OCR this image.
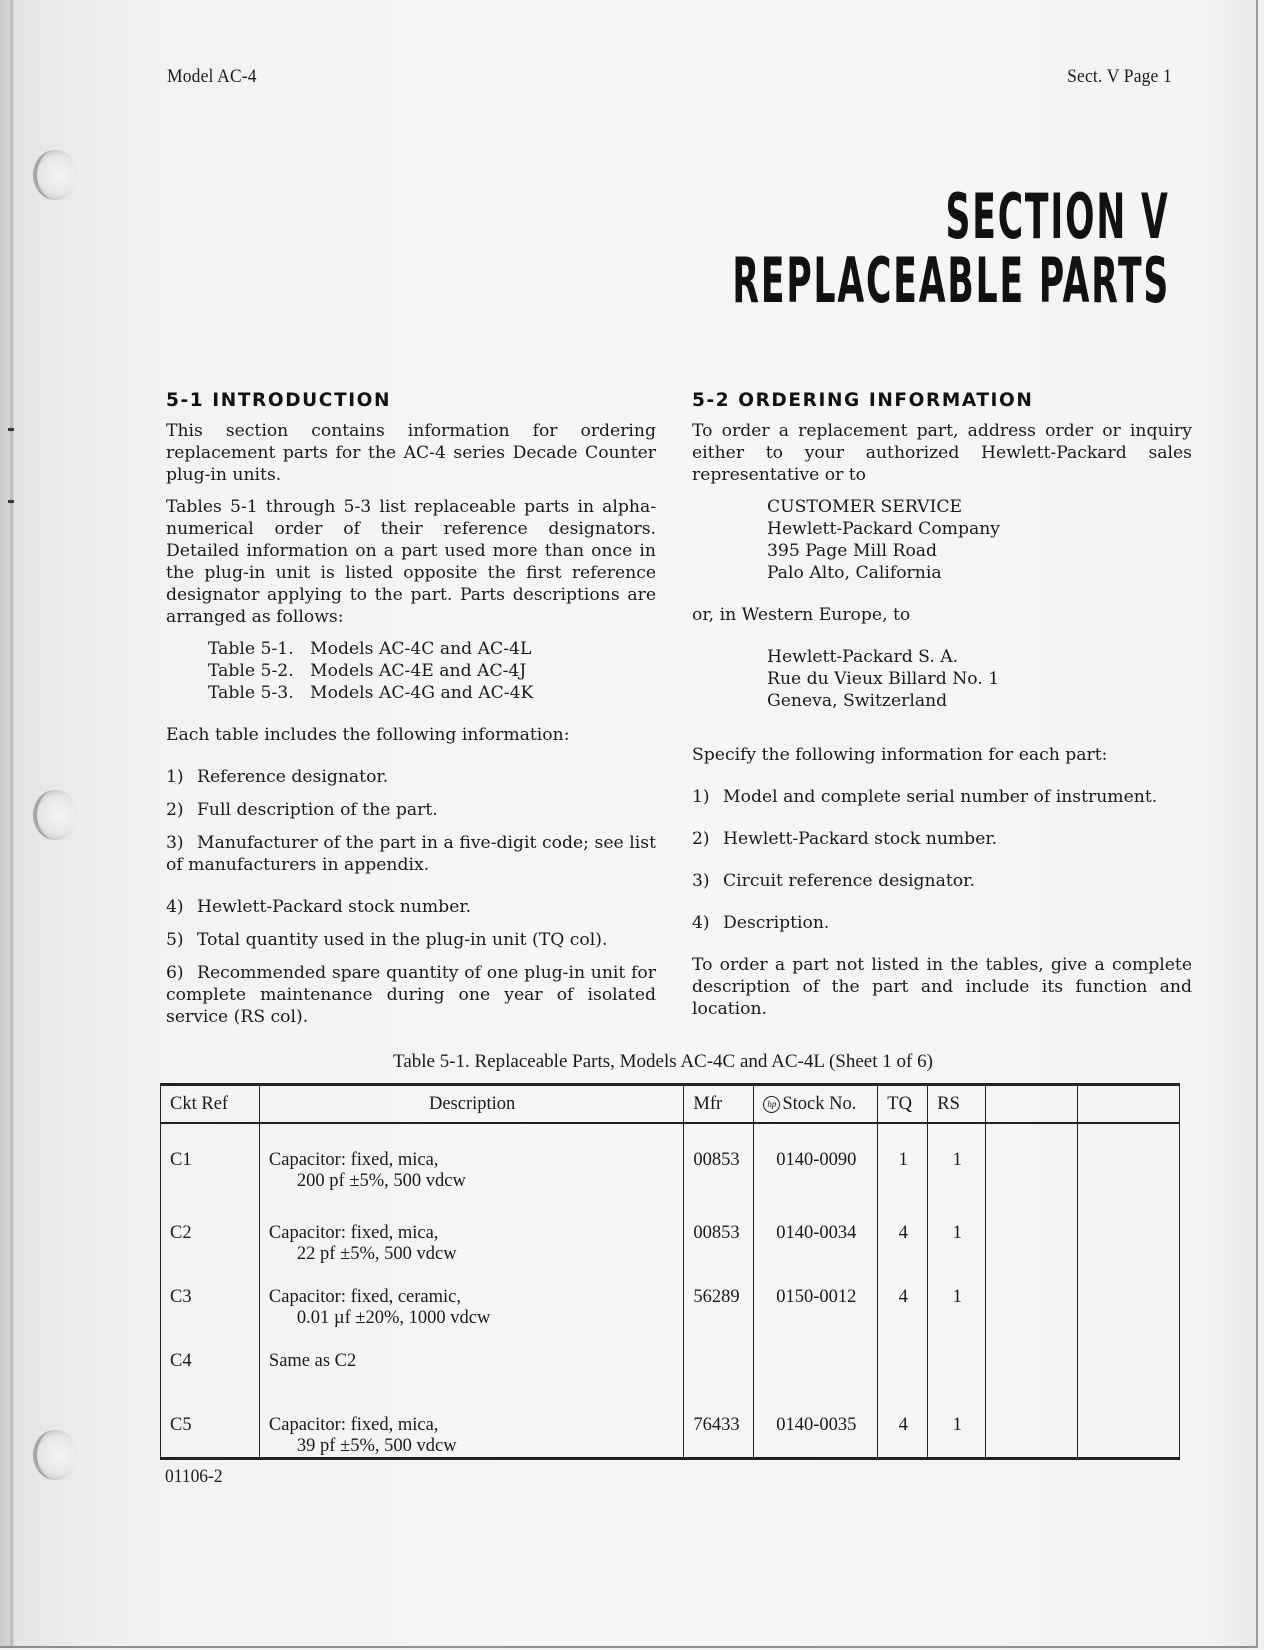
Model AC-4	Sect. V Page 1
SECTION V
REPLACEABLE PARTS
5-1 INTRODUCTION

This section contains information for ordering replacement parts for the AC-4 series Decade Counter plug-in units.

Tables 5-1 through 5-3 list replaceable parts in alpha-numerical order of their reference designators. Detailed information on a part used more than once in the plug-in unit is listed opposite the first reference designator applying to the part. Parts descriptions are arranged as follows:

Table 5-1.   Models AC-4C and AC-4L
Table 5-2.   Models AC-4E and AC-4J
Table 5-3.   Models AC-4G and AC-4K

Each table includes the following information:

1) Reference designator.
2) Full description of the part.
3) Manufacturer of the part in a five-digit code; see list of manufacturers in appendix.
4) Hewlett-Packard stock number.
5) Total quantity used in the plug-in unit (TQ col).
6) Recommended spare quantity of one plug-in unit for complete maintenance during one year of isolated service (RS col).
5-2 ORDERING INFORMATION

To order a replacement part, address order or inquiry either to your authorized Hewlett-Packard sales representative or to

CUSTOMER SERVICE
Hewlett-Packard Company
395 Page Mill Road
Palo Alto, California

or, in Western Europe, to

Hewlett-Packard S. A.
Rue du Vieux Billard No. 1
Geneva, Switzerland

Specify the following information for each part:

1) Model and complete serial number of instrument.
2) Hewlett-Packard stock number.
3) Circuit reference designator.
4) Description.

To order a part not listed in the tables, give a complete description of the part and include its function and location.

Table 5-1. Replaceable Parts, Models AC-4C and AC-4L (Sheet 1 of 6)
Ckt Ref	Description	Mfr	hp Stock No.	TQ	RS		
C1	Capacitor: fixed, mica,
200 pf ±5%, 500 vdcw	00853	0140-0090	1	1		
C2	Capacitor: fixed, mica,
22 pf ±5%, 500 vdcw	00853	0140-0034	4	1		
C3	Capacitor: fixed, ceramic,
0.01 µf ±20%, 1000 vdcw	56289	0150-0012	4	1		
C4	Same as C2						

C5	Capacitor: fixed, mica,
39 pf ±5%, 500 vdcw	76433	0140-0035	4	1		
01106-2
